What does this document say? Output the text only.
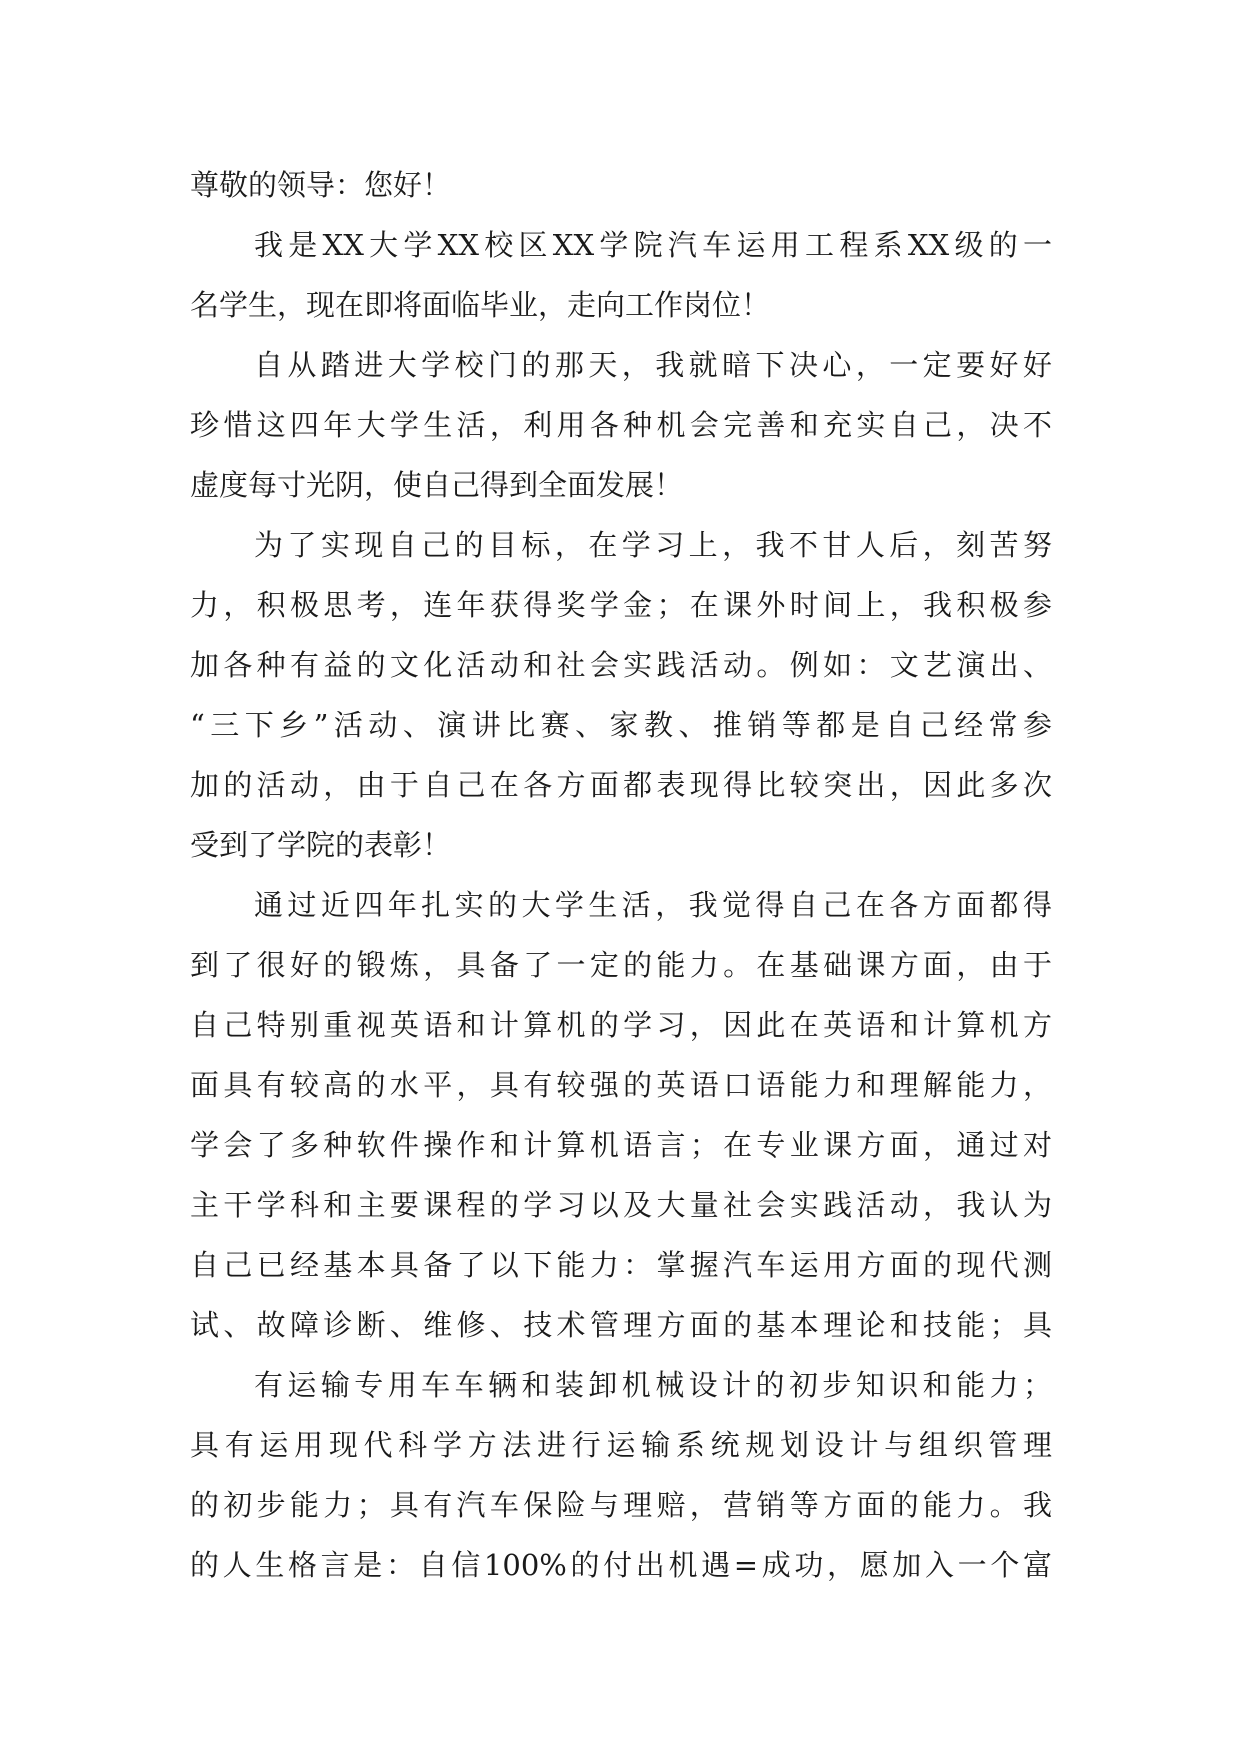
尊敬的领导：您好！
我是XX大学XX校区XX学院汽车运用工程系XX级的一
名学生，现在即将面临毕业，走向工作岗位！
自从踏进大学校门的那天，我就暗下决心，一定要好好
珍惜这四年大学生活，利用各种机会完善和充实自己，决不
虚度每寸光阴，使自己得到全面发展！
为了实现自己的目标，在学习上，我不甘人后，刻苦努
力，积极思考，连年获得奖学金；在课外时间上，我积极参
加各种有益的文化活动和社会实践活动。例如：文艺演出、
“三下乡”活动、演讲比赛、家教、推销等都是自己经常参
加的活动，由于自己在各方面都表现得比较突出，因此多次
受到了学院的表彰！
通过近四年扎实的大学生活，我觉得自己在各方面都得
到了很好的锻炼，具备了一定的能力。在基础课方面，由于
自己特别重视英语和计算机的学习，因此在英语和计算机方
面具有较高的水平，具有较强的英语口语能力和理解能力，
学会了多种软件操作和计算机语言；在专业课方面，通过对
主干学科和主要课程的学习以及大量社会实践活动，我认为
自己已经基本具备了以下能力：掌握汽车运用方面的现代测
试、故障诊断、维修、技术管理方面的基本理论和技能；具
有运输专用车车辆和装卸机械设计的初步知识和能力；
具有运用现代科学方法进行运输系统规划设计与组织管理
的初步能力；具有汽车保险与理赔，营销等方面的能力。我
的人生格言是：自信100%的付出机遇=成功，愿加入一个富
